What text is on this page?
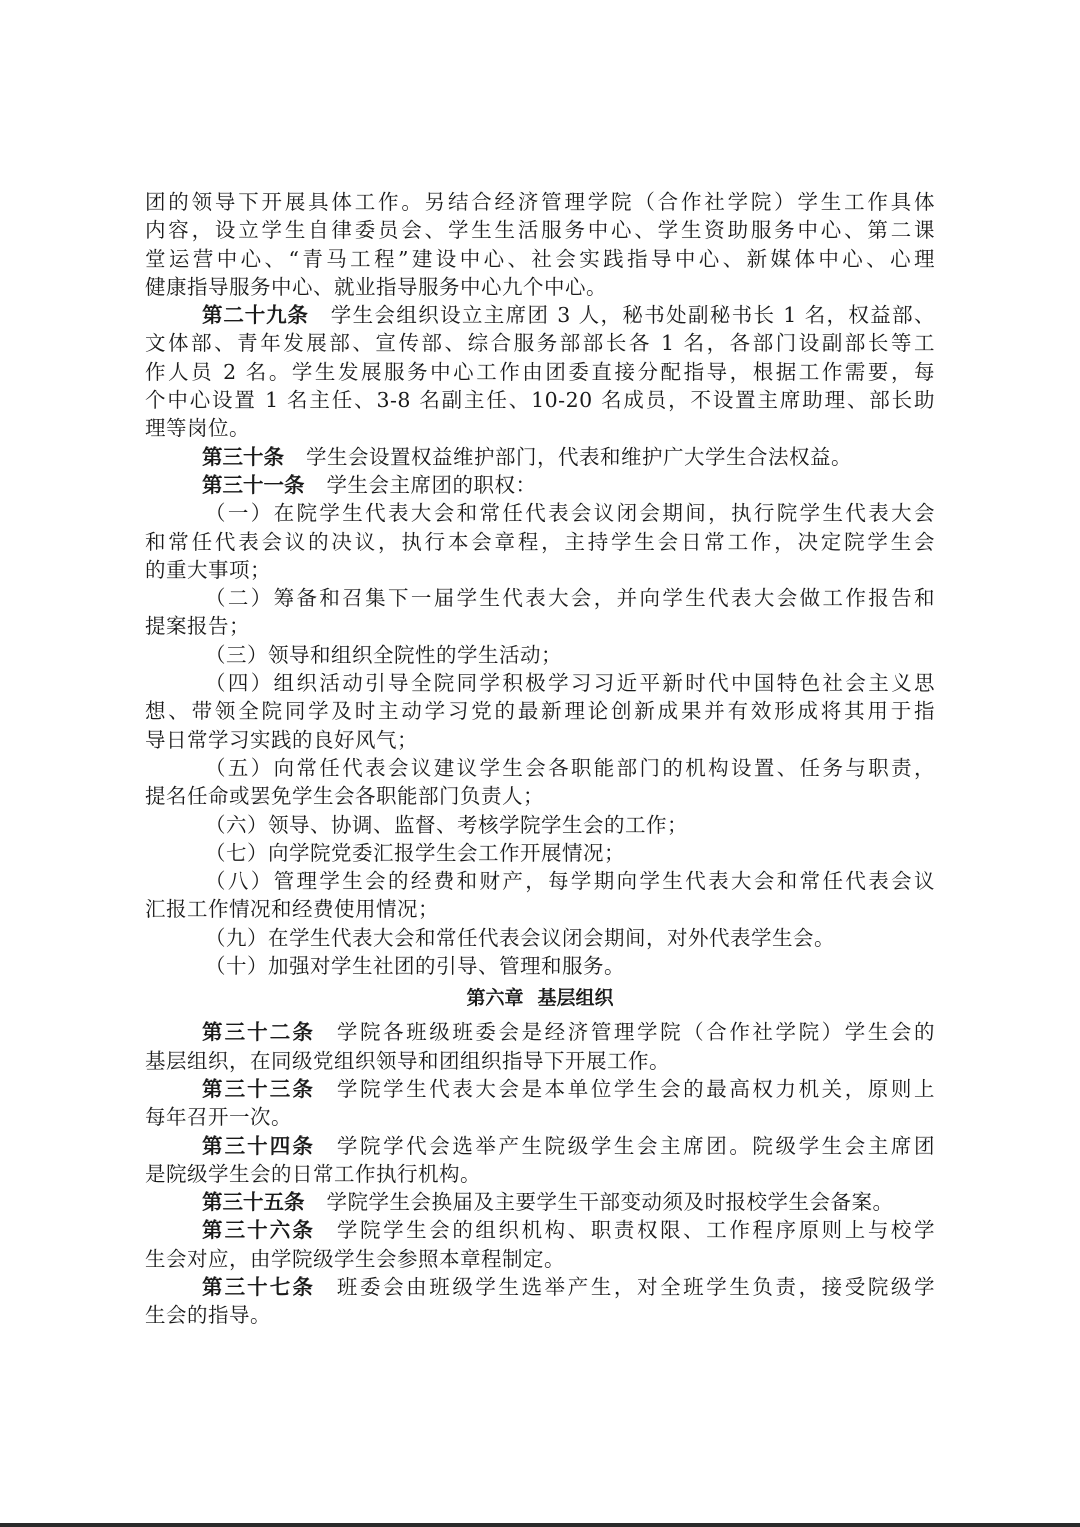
团的领导下开展具体工作。另结合经济管理学院（合作社学院）学生工作具体
内容，设立学生自律委员会、学生生活服务中心、学生资助服务中心、第二课
堂运营中心、“青马工程”建设中心、社会实践指导中心、新媒体中心、心理
健康指导服务中心、就业指导服务中心九个中心。
第二十九条 学生会组织设立主席团 3 人，秘书处副秘书长 1 名，权益部、
文体部、青年发展部、宣传部、综合服务部部长各 1 名，各部门设副部长等工
作人员 2 名。学生发展服务中心工作由团委直接分配指导，根据工作需要，每
个中心设置 1 名主任、3-8 名副主任、10-20 名成员，不设置主席助理、部长助
理等岗位。
第三十条 学生会设置权益维护部门，代表和维护广大学生合法权益。
第三十一条 学生会主席团的职权：
（一）在院学生代表大会和常任代表会议闭会期间，执行院学生代表大会
和常任代表会议的决议，执行本会章程，主持学生会日常工作，决定院学生会
的重大事项；
（二）筹备和召集下一届学生代表大会，并向学生代表大会做工作报告和
提案报告；
（三）领导和组织全院性的学生活动；
（四）组织活动引导全院同学积极学习习近平新时代中国特色社会主义思
想、带领全院同学及时主动学习党的最新理论创新成果并有效形成将其用于指
导日常学习实践的良好风气；
（五）向常任代表会议建议学生会各职能部门的机构设置、任务与职责，
提名任命或罢免学生会各职能部门负责人；
（六）领导、协调、监督、考核学院学生会的工作；
（七）向学院党委汇报学生会工作开展情况；
（八）管理学生会的经费和财产，每学期向学生代表大会和常任代表会议
汇报工作情况和经费使用情况；
（九）在学生代表大会和常任代表会议闭会期间，对外代表学生会。
（十）加强对学生社团的引导、管理和服务。
第六章 基层组织
第三十二条 学院各班级班委会是经济管理学院（合作社学院）学生会的
基层组织，在同级党组织领导和团组织指导下开展工作。
第三十三条 学院学生代表大会是本单位学生会的最高权力机关，原则上
每年召开一次。
第三十四条 学院学代会选举产生院级学生会主席团。院级学生会主席团
是院级学生会的日常工作执行机构。
第三十五条 学院学生会换届及主要学生干部变动须及时报校学生会备案。
第三十六条 学院学生会的组织机构、职责权限、工作程序原则上与校学
生会对应，由学院级学生会参照本章程制定。
第三十七条 班委会由班级学生选举产生，对全班学生负责，接受院级学
生会的指导。
